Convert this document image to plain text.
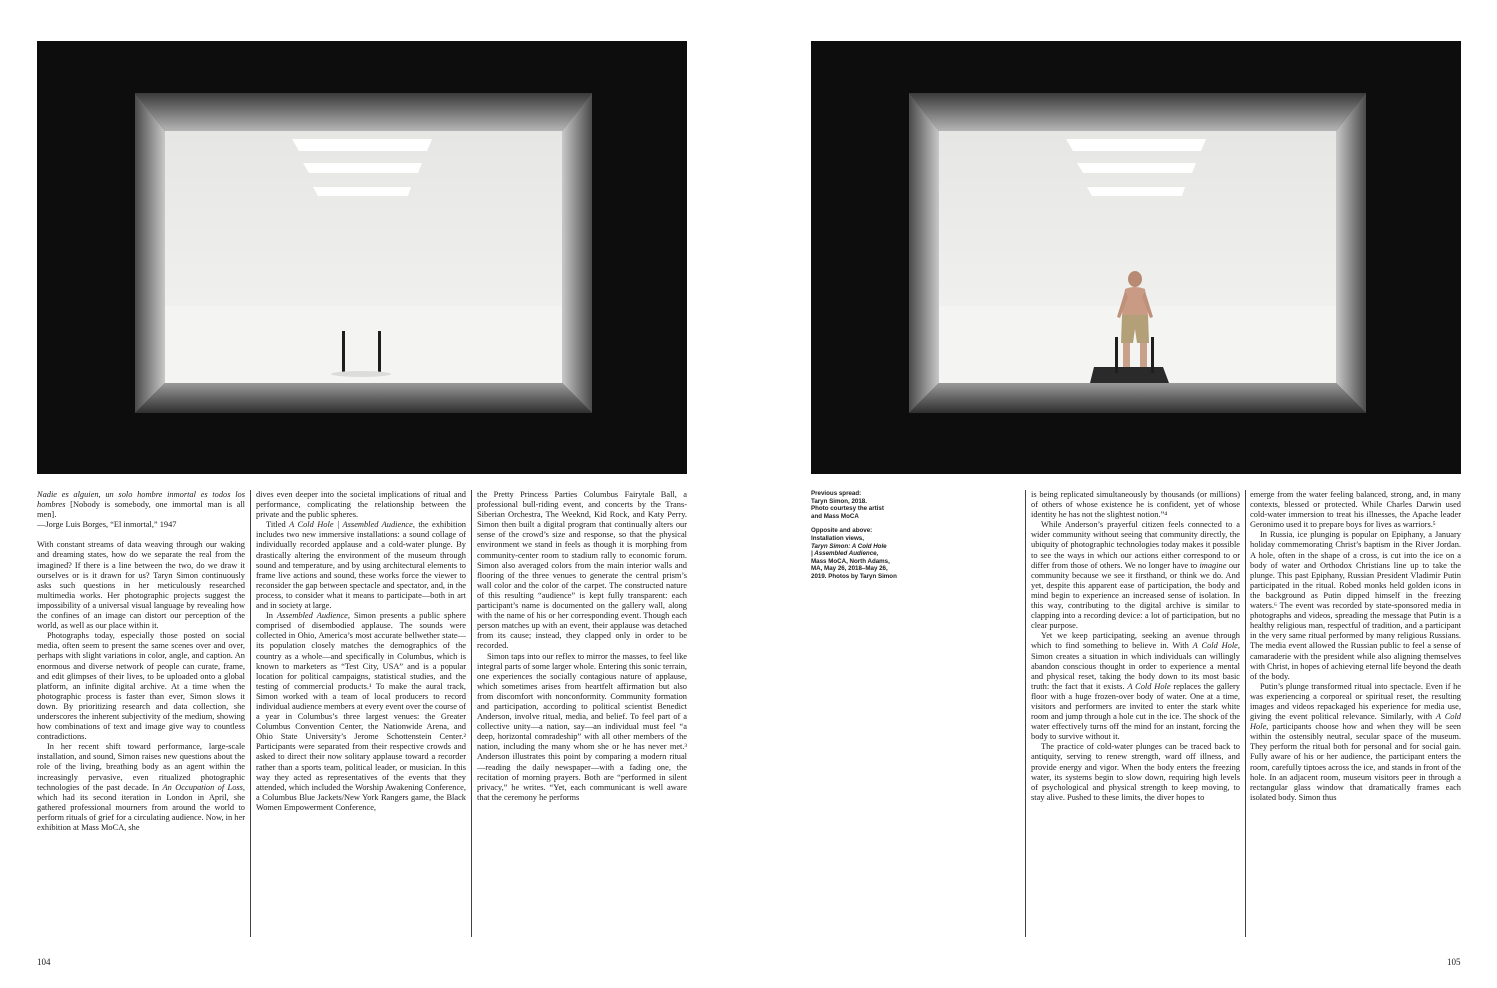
Nadie es alguien, un solo hombre inmortal es todos los hombres [Nobody is somebody, one immortal man is all men].

—Jorge Luis Borges, “El inmortal,” 1947

With constant streams of data weaving through our waking and dreaming states, how do we separate the real from the imagined? If there is a line between the two, do we draw it ourselves or is it drawn for us? Taryn Simon continuously asks such questions in her meticulously researched multimedia works. Her photographic projects suggest the impossibility of a universal visual language by revealing how the confines of an image can distort our perception of the world, as well as our place within it.

Photographs today, especially those posted on social media, often seem to present the same scenes over and over, perhaps with slight variations in color, angle, and caption. An enormous and diverse network of people can curate, frame, and edit glimpses of their lives, to be uploaded onto a global platform, an infinite digital archive. At a time when the photographic process is faster than ever, Simon slows it down. By prioritizing research and data collection, she underscores the inherent subjectivity of the medium, showing how combinations of text and image give way to countless contradictions.

In her recent shift toward performance, large-scale installation, and sound, Simon raises new questions about the role of the living, breathing body as an agent within the increasingly pervasive, even ritualized photographic technologies of the past decade. In An Occupation of Loss, which had its second iteration in London in April, she gathered professional mourners from around the world to perform rituals of grief for a circulating audience. Now, in her exhibition at Mass MoCA, she

dives even deeper into the societal implications of ritual and performance, complicating the relationship between the private and the public spheres.

Titled A Cold Hole | Assembled Audience, the exhibition includes two new immersive installations: a sound collage of individually recorded applause and a cold-water plunge. By drastically altering the environment of the museum through sound and temperature, and by using architectural elements to frame live actions and sound, these works force the viewer to reconsider the gap between spectacle and spectator, and, in the process, to consider what it means to participate—both in art and in society at large.

In Assembled Audience, Simon presents a public sphere comprised of disembodied applause. The sounds were collected in Ohio, America’s most accurate bellwether state—its population closely matches the demographics of the country as a whole—and specifically in Columbus, which is known to marketers as “Test City, USA” and is a popular location for political campaigns, statistical studies, and the testing of commercial products.¹ To make the aural track, Simon worked with a team of local producers to record individual audience members at every event over the course of a year in Columbus’s three largest venues: the Greater Columbus Convention Center, the Nationwide Arena, and Ohio State University’s Jerome Schottenstein Center.² Participants were separated from their respective crowds and asked to direct their now solitary applause toward a recorder rather than a sports team, political leader, or musician. In this way they acted as representatives of the events that they attended, which included the Worship Awakening Conference, a Columbus Blue Jackets/New York Rangers game, the Black Women Empowerment Conference,

the Pretty Princess Parties Columbus Fairytale Ball, a professional bull-riding event, and concerts by the Trans-Siberian Orchestra, The Weeknd, Kid Rock, and Katy Perry. Simon then built a digital program that continually alters our sense of the crowd’s size and response, so that the physical environment we stand in feels as though it is morphing from community-center room to stadium rally to economic forum. Simon also averaged colors from the main interior walls and flooring of the three venues to generate the central prism’s wall color and the color of the carpet. The constructed nature of this resulting “audience” is kept fully transparent: each participant’s name is documented on the gallery wall, along with the name of his or her corresponding event. Though each person matches up with an event, their applause was detached from its cause; instead, they clapped only in order to be recorded.

Simon taps into our reflex to mirror the masses, to feel like integral parts of some larger whole. Entering this sonic terrain, one experiences the socially contagious nature of applause, which sometimes arises from heartfelt affirmation but also from discomfort with nonconformity. Community formation and participation, according to political scientist Benedict Anderson, involve ritual, media, and belief. To feel part of a collective unity—a nation, say—an individual must feel “a deep, horizontal comradeship” with all other members of the nation, including the many whom she or he has never met.³ Anderson illustrates this point by comparing a modern ritual—reading the daily newspaper—with a fading one, the recitation of morning prayers. Both are “performed in silent privacy,” he writes. “Yet, each communicant is well aware that the ceremony he performs

104
Previous spread:
Taryn Simon, 2018.
Photo courtesy the artist
and Mass MoCA
Opposite and above:
Installation views,
Taryn Simon: A Cold Hole
| Assembled Audience,
Mass MoCA, North Adams,
MA, May 26, 2018–May 26,
2019. Photos by Taryn Simon

is being replicated simultaneously by thousands (or millions) of others of whose existence he is confident, yet of whose identity he has not the slightest notion.”⁴

While Anderson’s prayerful citizen feels connected to a wider community without seeing that community directly, the ubiquity of photographic technologies today makes it possible to see the ways in which our actions either correspond to or differ from those of others. We no longer have to imagine our community because we see it firsthand, or think we do. And yet, despite this apparent ease of participation, the body and mind begin to experience an increased sense of isolation. In this way, contributing to the digital archive is similar to clapping into a recording device: a lot of participation, but no clear purpose.

Yet we keep participating, seeking an avenue through which to find something to believe in. With A Cold Hole, Simon creates a situation in which individuals can willingly abandon conscious thought in order to experience a mental and physical reset, taking the body down to its most basic truth: the fact that it exists. A Cold Hole replaces the gallery floor with a huge frozen-over body of water. One at a time, visitors and performers are invited to enter the stark white room and jump through a hole cut in the ice. The shock of the water effectively turns off the mind for an instant, forcing the body to survive without it.

The practice of cold-water plunges can be traced back to antiquity, serving to renew strength, ward off illness, and provide energy and vigor. When the body enters the freezing water, its systems begin to slow down, requiring high levels of psychological and physical strength to keep moving, to stay alive. Pushed to these limits, the diver hopes to

emerge from the water feeling balanced, strong, and, in many contexts, blessed or protected. While Charles Darwin used cold-water immersion to treat his illnesses, the Apache leader Geronimo used it to prepare boys for lives as warriors.⁵

In Russia, ice plunging is popular on Epiphany, a January holiday commemorating Christ’s baptism in the River Jordan. A hole, often in the shape of a cross, is cut into the ice on a body of water and Orthodox Christians line up to take the plunge. This past Epiphany, Russian President Vladimir Putin participated in the ritual. Robed monks held golden icons in the background as Putin dipped himself in the freezing waters.⁶ The event was recorded by state-sponsored media in photographs and videos, spreading the message that Putin is a healthy religious man, respectful of tradition, and a participant in the very same ritual performed by many religious Russians. The media event allowed the Russian public to feel a sense of camaraderie with the president while also aligning themselves with Christ, in hopes of achieving eternal life beyond the death of the body.

Putin’s plunge transformed ritual into spectacle. Even if he was experiencing a corporeal or spiritual reset, the resulting images and videos repackaged his experience for media use, giving the event political relevance. Similarly, with A Cold Hole, participants choose how and when they will be seen within the ostensibly neutral, secular space of the museum. They perform the ritual both for personal and for social gain. Fully aware of his or her audience, the participant enters the room, carefully tiptoes across the ice, and stands in front of the hole. In an adjacent room, museum visitors peer in through a rectangular glass window that dramatically frames each isolated body. Simon thus

105
